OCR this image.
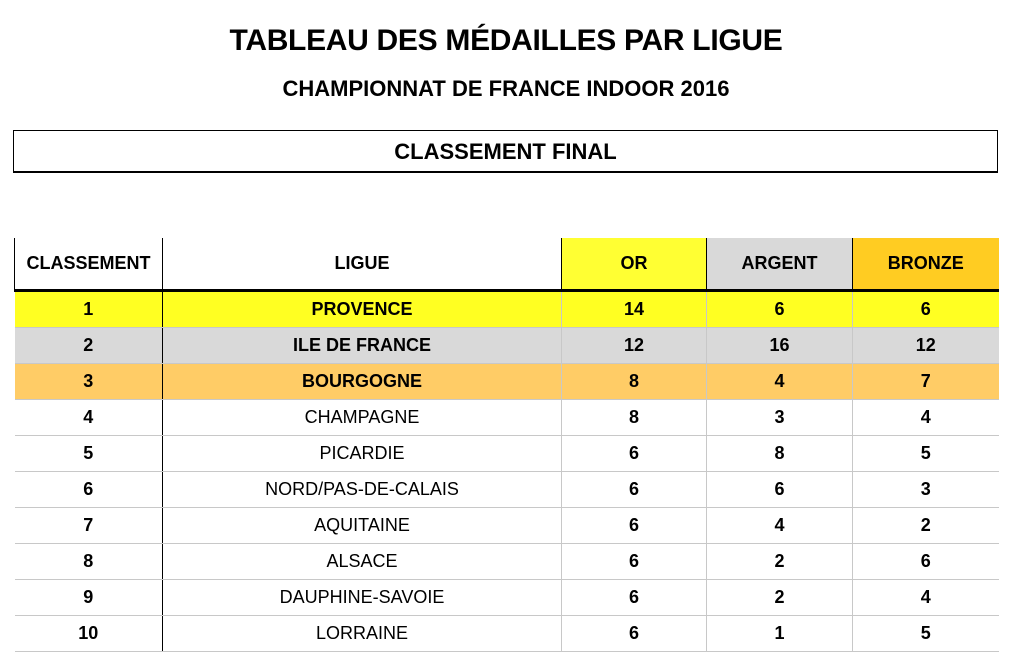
TABLEAU DES MÉDAILLES PAR LIGUE
CHAMPIONNAT DE FRANCE INDOOR 2016
CLASSEMENT FINAL
CLASSEMENT	LIGUE	OR	ARGENT	BRONZE
1	PROVENCE	14	6	6
2	ILE DE FRANCE	12	16	12
3	BOURGOGNE	8	4	7
4	CHAMPAGNE	8	3	4
5	PICARDIE	6	8	5
6	NORD/PAS-DE-CALAIS	6	6	3
7	AQUITAINE	6	4	2
8	ALSACE	6	2	6
9	DAUPHINE-SAVOIE	6	2	4
10	LORRAINE	6	1	5
